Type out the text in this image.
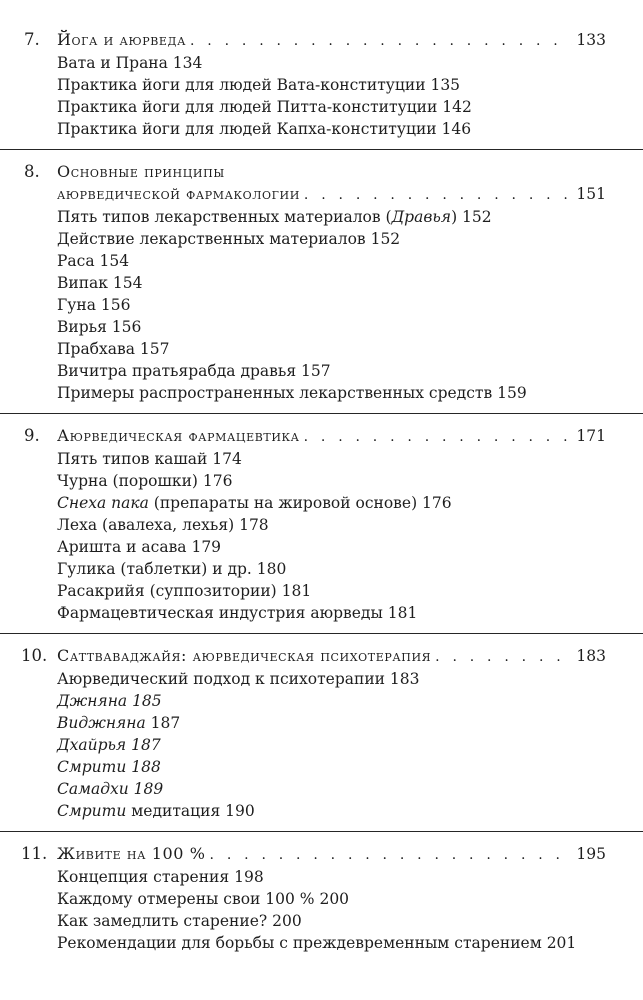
7. Йога и аюрведа . . .	133
Вата и Прана 134
Практика йоги для людей Вата-конституции 135
Практика йоги для людей Питта-конституции 142
Практика йоги для людей Капха-конституции 146
8. Основные принципы
аюрведической фармакологии . . .	151
Пять типов лекарственных материалов (Дравья) 152
Действие лекарственных материалов 152
Раса 154
Випак 154
Гуна 156
Вирья 156
Прабхава 157
Вичитра пратьярабда дравья 157
Примеры распространенных лекарственных средств 159
9. Аюрведическая фармацевтика . . .	171
Пять типов кашай 174
Чурна (порошки) 176
Снеха пака (препараты на жировой основе) 176
Леха (авалеха, лехья) 178
Аришта и асава 179
Гулика (таблетки) и др. 180
Расакрийя (суппозитории) 181
Фармацевтическая индустрия аюрведы 181
10. Саттваваджайя: аюрведическая психотерапия . . .	183
Аюрведический подход к психотерапии 183
Джняна 185
Виджняна 187
Дхайрья 187
Смрити 188
Самадхи 189
Смрити медитация 190
11. Живите на 100 % . . .	195
Концепция старения 198
Каждому отмерены свои 100 % 200
Как замедлить старение? 200
Рекомендации для борьбы с преждевременным старением 201
